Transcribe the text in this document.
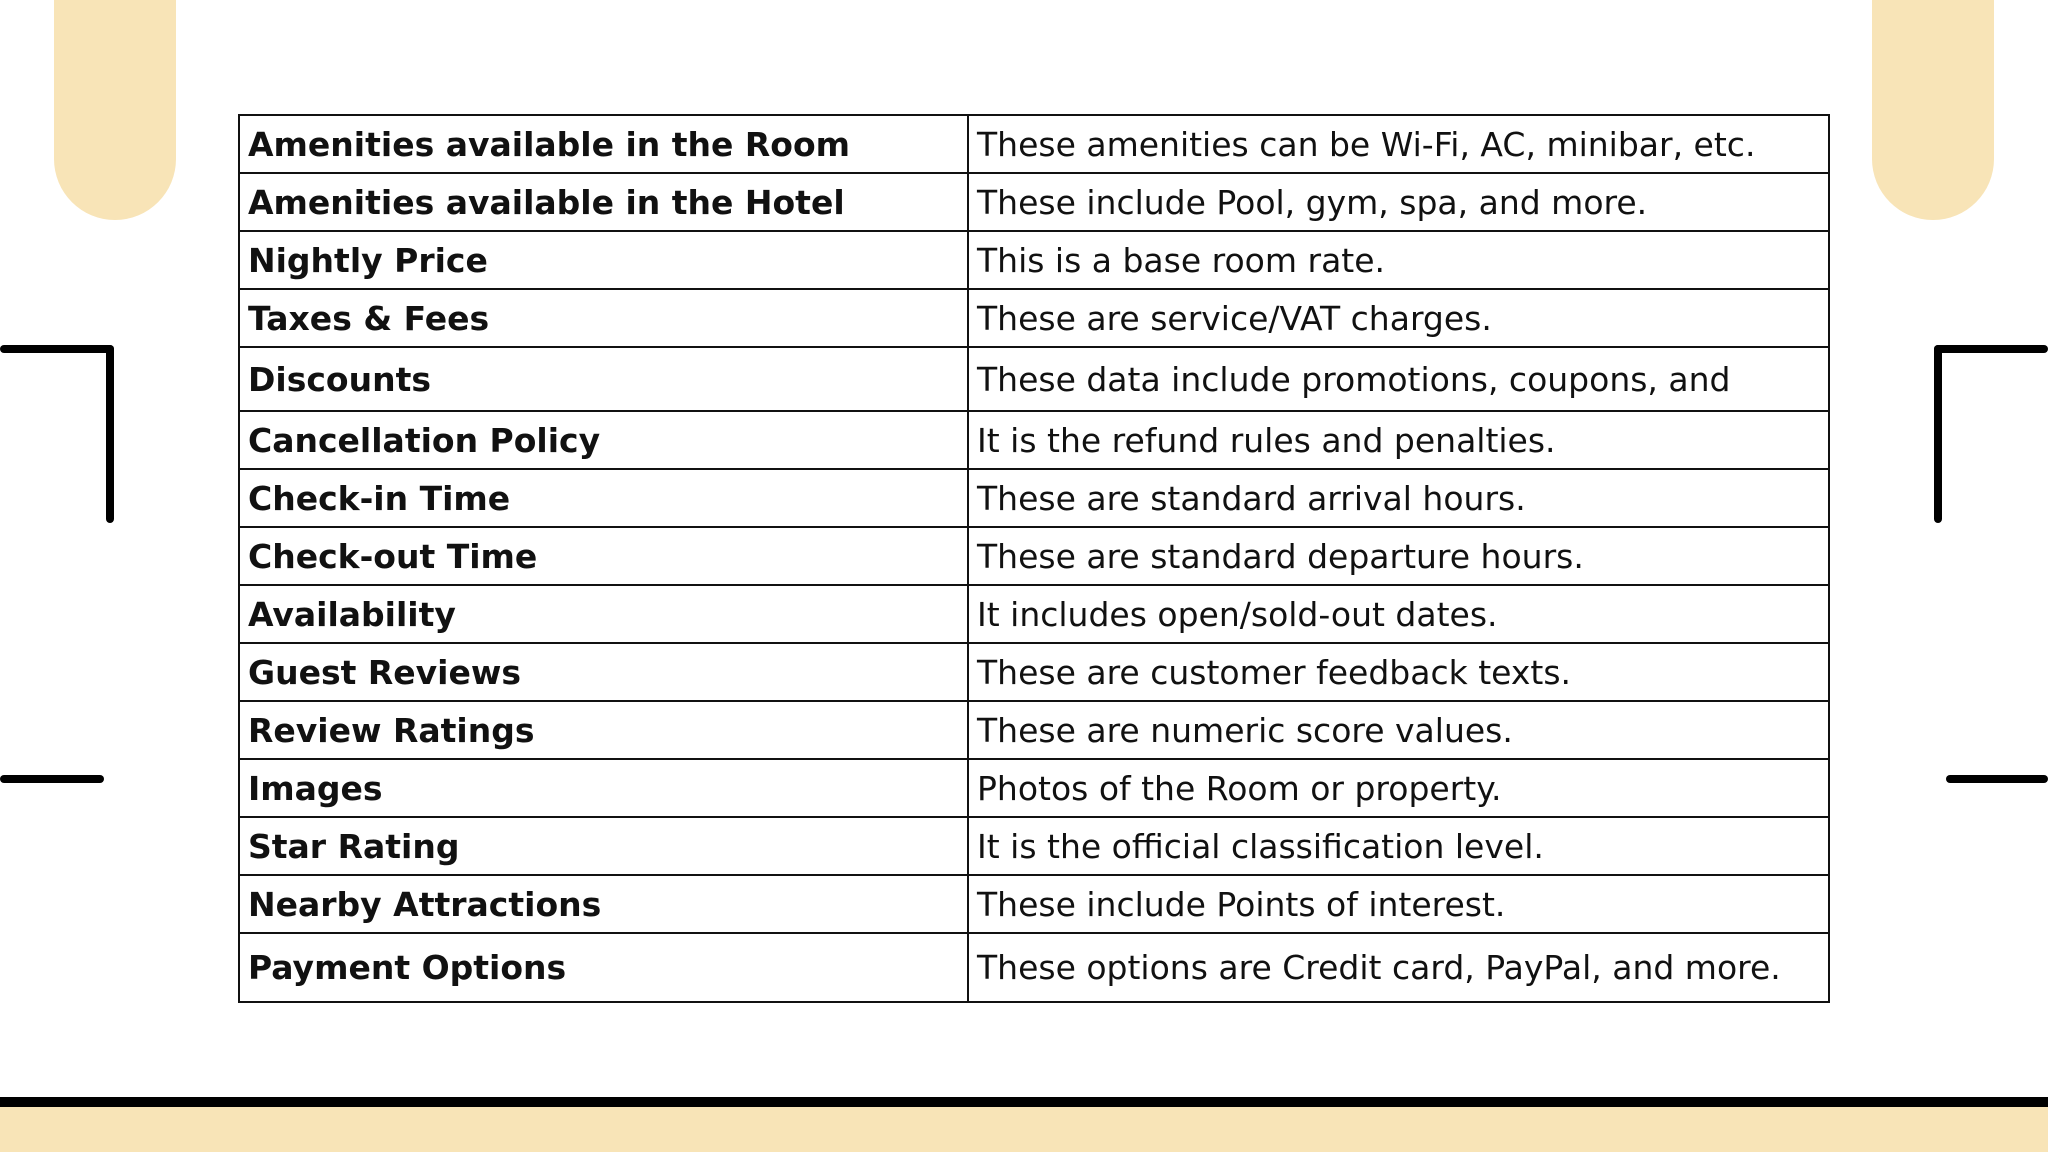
Amenities available in the Room	These amenities can be Wi-Fi, AC, minibar, etc.
Amenities available in the Hotel	These include Pool, gym, spa, and more.
Nightly Price	This is a base room rate.
Taxes & Fees	These are service/VAT charges.
Discounts	These data include promotions, coupons, and
Cancellation Policy	It is the refund rules and penalties.
Check-in Time	These are standard arrival hours.
Check-out Time	These are standard departure hours.
Availability	It includes open/sold-out dates.
Guest Reviews	These are customer feedback texts.
Review Ratings	These are numeric score values.
Images	Photos of the Room or property.
Star Rating	It is the official classification level.
Nearby Attractions	These include Points of interest.
Payment Options	These options are Credit card, PayPal, and more.
